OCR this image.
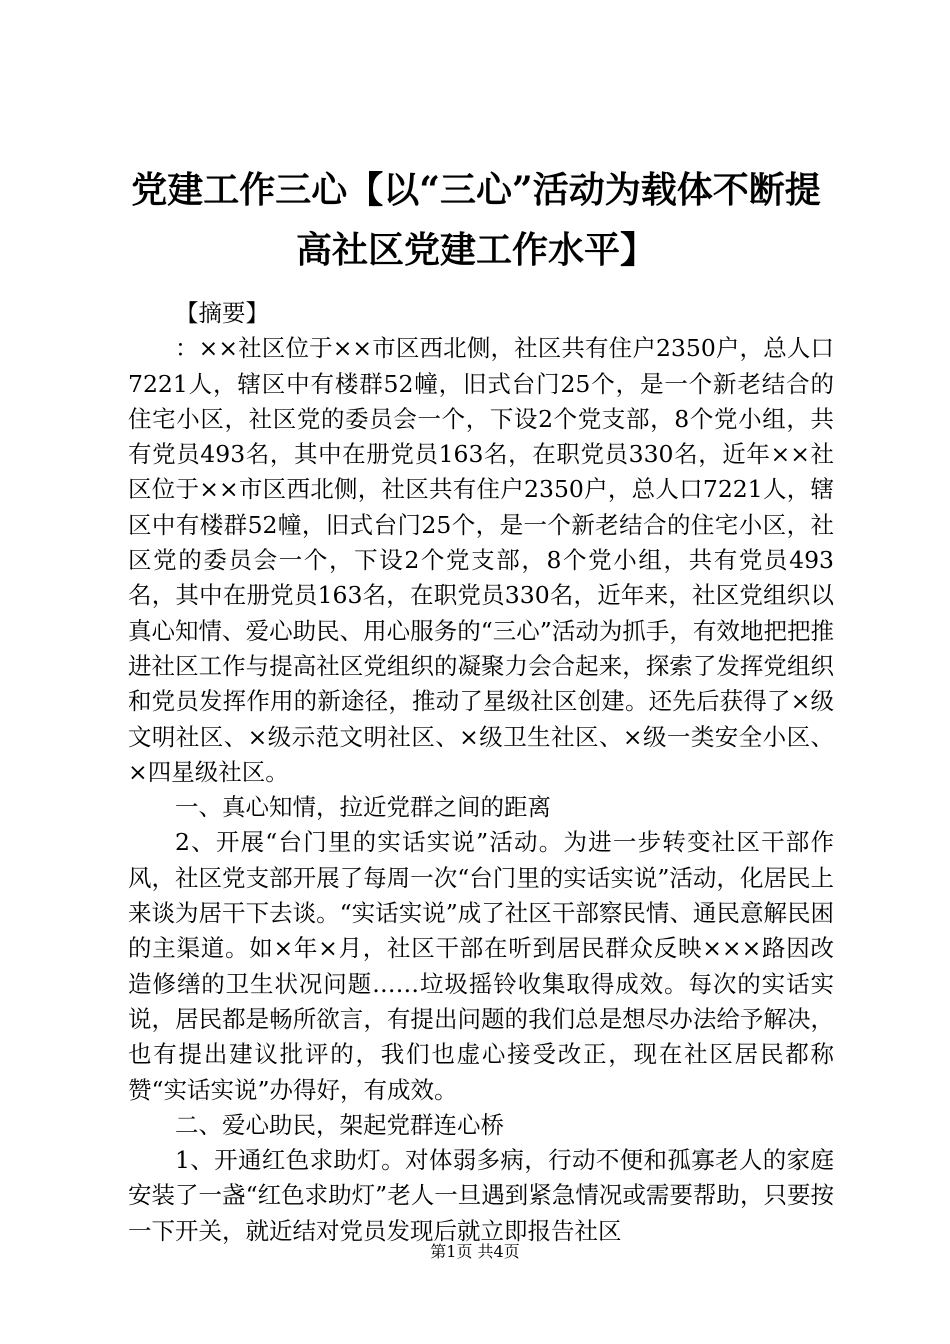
党建工作三心【以“三心”活动为载体不断提
高社区党建工作水平】

【摘要】

：××社区位于××市区西北侧，社区共有住户2350户，总人口7221人，辖区中有楼群52幢，旧式台门25个，是一个新老结合的住宅小区，社区党的委员会一个，下设2个党支部，8个党小组，共有党员493名，其中在册党员163名，在职党员330名，近年××社区位于××市区西北侧，社区共有住户2350户，总人口7221人，辖区中有楼群52幢，旧式台门25个，是一个新老结合的住宅小区，社区党的委员会一个，下设2个党支部，8个党小组，共有党员493名，其中在册党员163名，在职党员330名，近年来，社区党组织以真心知情、爱心助民、用心服务的“三心”活动为抓手，有效地把把推进社区工作与提高社区党组织的凝聚力会合起来，探索了发挥党组织和党员发挥作用的新途径，推动了星级社区创建。还先后获得了×级文明社区、×级示范文明社区、×级卫生社区、×级一类安全小区、×四星级社区。

一、真心知情，拉近党群之间的距离

2、开展“台门里的实话实说”活动。为进一步转变社区干部作风，社区党支部开展了每周一次“台门里的实话实说”活动，化居民上来谈为居干下去谈。“实话实说”成了社区干部察民情、通民意解民困的主渠道。如×年×月，社区干部在听到居民群众反映×××路因改造修缮的卫生状况问题……垃圾摇铃收集取得成效。每次的实话实说，居民都是畅所欲言，有提出问题的我们总是想尽办法给予解决，也有提出建议批评的，我们也虚心接受改正，现在社区居民都称赞“实话实说”办得好，有成效。

二、爱心助民，架起党群连心桥

1、开通红色求助灯。对体弱多病，行动不便和孤寡老人的家庭安装了一盏“红色求助灯”老人一旦遇到紧急情况或需要帮助，只要按一下开关，就近结对党员发现后就立即报告社区

第1页 共4页
